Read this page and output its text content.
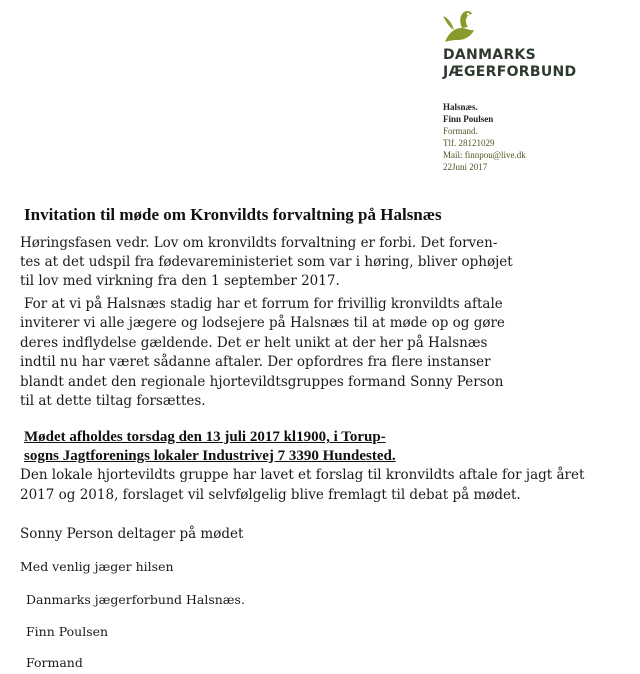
DANMARKS
JÆGERFORBUND
Halsnæs.
Finn Poulsen
Formand.
Tlf. 28121029
Mail: finnpou@live.dk
22Juni 2017
Invitation til møde om Kronvildts forvaltning på Halsnæs
Høringsfasen vedr. Lov om kronvildts forvaltning er forbi. Det forven-
tes at det udspil fra fødevareministeriet som var i høring, bliver ophøjet
til lov med virkning fra den 1 september 2017.
For at vi på Halsnæs stadig har et forrum for frivillig kronvildts aftale
inviterer vi alle jægere og lodsejere på Halsnæs til at møde op og gøre
deres indflydelse gældende. Det er helt unikt at der her på Halsnæs
indtil nu har været sådanne aftaler. Der opfordres fra flere instanser
blandt andet den regionale hjortevildtsgruppes formand Sonny Person
til at dette tiltag forsættes.
Mødet afholdes torsdag den 13 juli 2017 kl1900, i Torup-
sogns Jagtforenings lokaler Industrivej 7 3390 Hundested.
Den lokale hjortevildts gruppe har lavet et forslag til kronvildts aftale for jagt året
2017 og 2018, forslaget vil selvfølgelig blive fremlagt til debat på mødet.
Sonny Person deltager på mødet
Med venlig jæger hilsen
Danmarks jægerforbund Halsnæs.
Finn Poulsen
Formand
